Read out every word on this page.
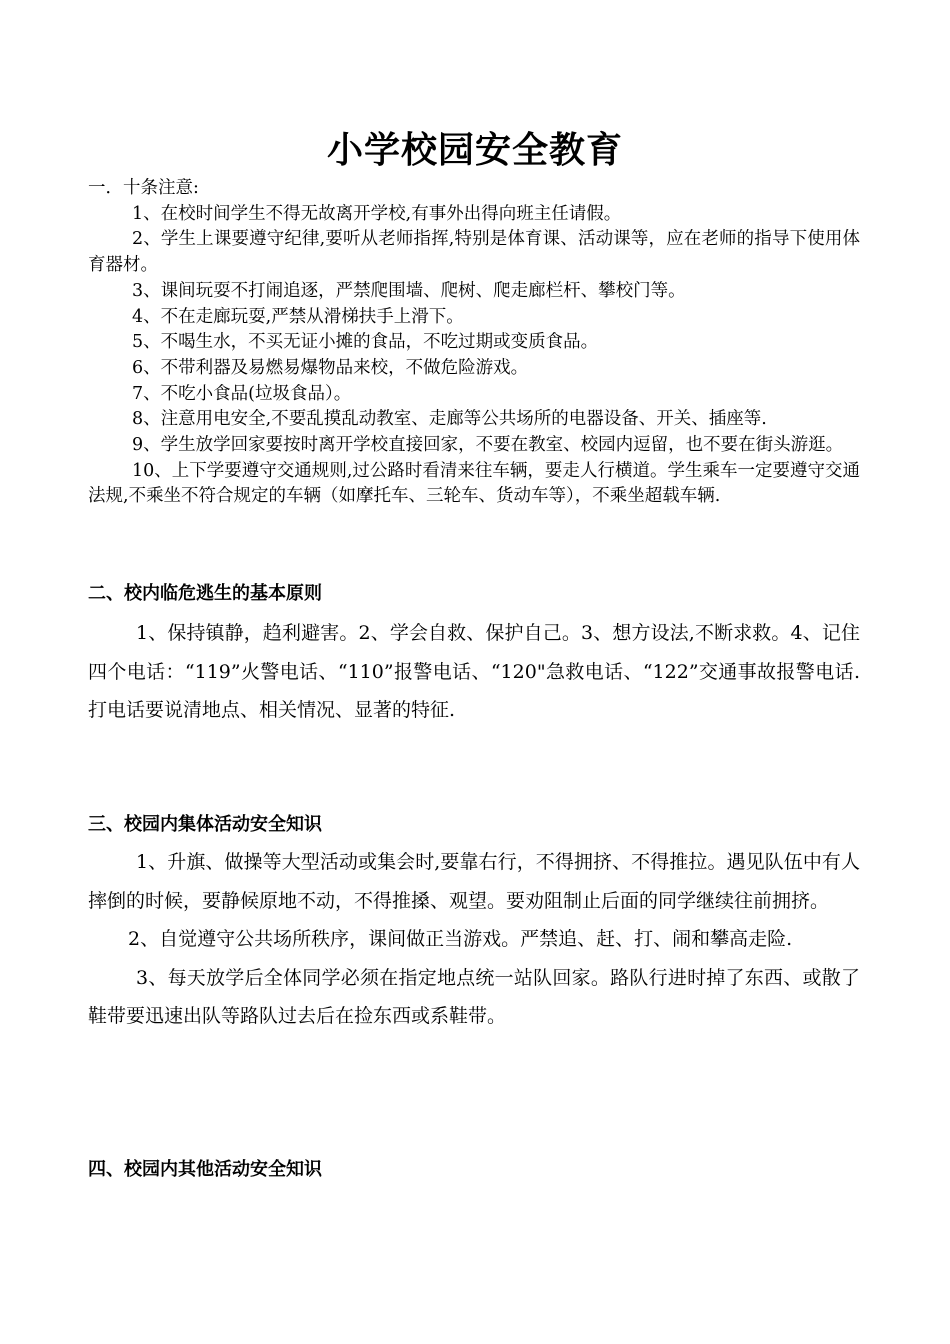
小学校园安全教育

一．十条注意:

1、在校时间学生不得无故离开学校,有事外出得向班主任请假。

2、学生上课要遵守纪律,要听从老师指挥,特别是体育课、活动课等，应在老师的指导下使用体育器材。

3、课间玩耍不打闹追逐，严禁爬围墙、爬树、爬走廊栏杆、攀校门等。

4、不在走廊玩耍,严禁从滑梯扶手上滑下。

5、不喝生水，不买无证小摊的食品，不吃过期或变质食品。

6、不带利器及易燃易爆物品来校，不做危险游戏。

7、不吃小食品(垃圾食品）。

8、注意用电安全,不要乱摸乱动教室、走廊等公共场所的电器设备、开关、插座等.

9、学生放学回家要按时离开学校直接回家，不要在教室、校园内逗留，也不要在街头游逛。

10、上下学要遵守交通规则,过公路时看清来往车辆，要走人行横道。学生乘车一定要遵守交通法规,不乘坐不符合规定的车辆（如摩托车、三轮车、货动车等），不乘坐超载车辆.

二、校内临危逃生的基本原则

1、保持镇静，趋利避害。2、学会自救、保护自己。3、想方设法,不断求救。4、记住四个电话：“119”火警电话、“110”报警电话、“120"急救电话、“122”交通事故报警电话.打电话要说清地点、相关情况、显著的特征.

三、校园内集体活动安全知识

1、升旗、做操等大型活动或集会时,要靠右行，不得拥挤、不得推拉。遇见队伍中有人摔倒的时候，要静候原地不动，不得推搡、观望。要劝阻制止后面的同学继续往前拥挤。

2、自觉遵守公共场所秩序，课间做正当游戏。严禁追、赶、打、闹和攀高走险.

3、每天放学后全体同学必须在指定地点统一站队回家。路队行进时掉了东西、或散了鞋带要迅速出队等路队过去后在捡东西或系鞋带。

四、校园内其他活动安全知识
